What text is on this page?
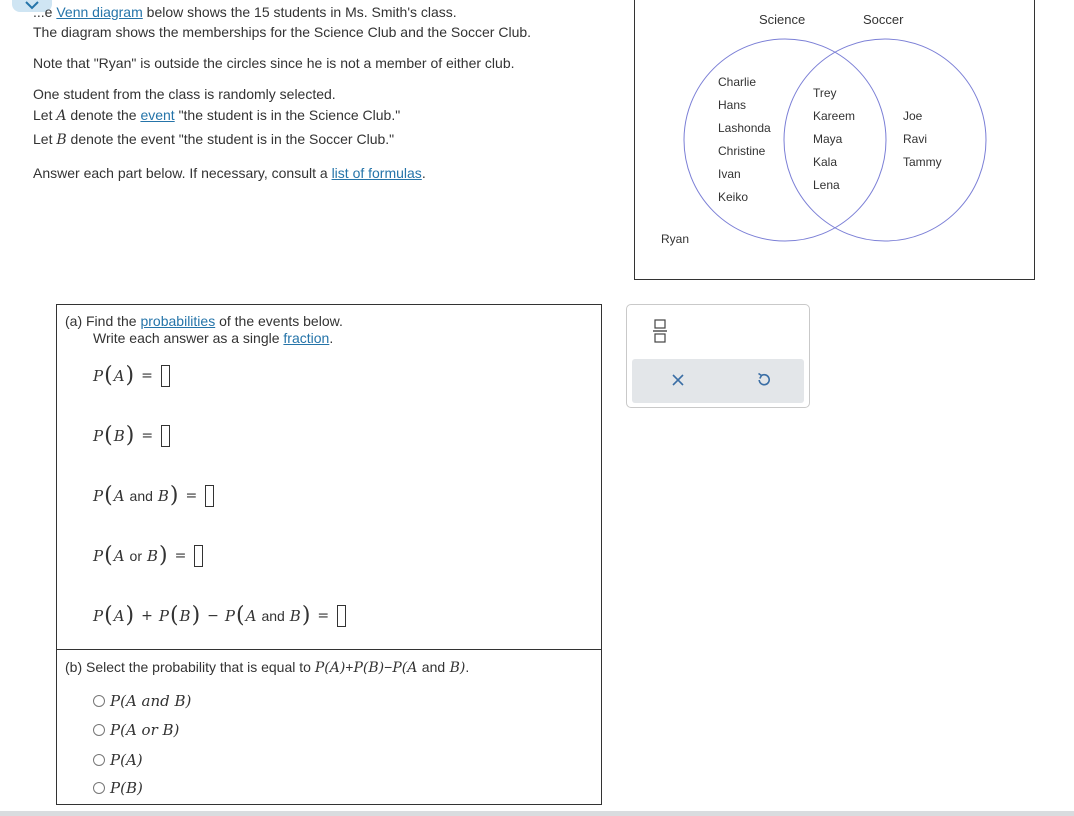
...e Venn diagram below shows the 15 students in Ms. Smith's class.

The diagram shows the memberships for the Science Club and the Soccer Club.

Note that "Ryan" is outside the circles since he is not a member of either club.

One student from the class is randomly selected.

Let A denote the event "the student is in the Science Club."

Let B denote the event "the student is in the Soccer Club."

Answer each part below. If necessary, consult a list of formulas.

Science	Soccer
Charlie
Hans
Lashonda
Christine
Ivan
Keiko
Trey
Kareem
Maya
Kala
Lena
Joe
Ravi
Tammy
Ryan
(a) Find the probabilities of the events below.
Write each answer as a single fraction.
P ( A ) =
P ( B ) =
P ( A and B ) =
P ( A or B ) =
P ( A ) + P ( B ) − P ( A and B ) =
(b) Select the probability that is equal to P(A)+P(B)−P(A and B).
P(A and B)
P(A or B)
P(A)
P(B)
